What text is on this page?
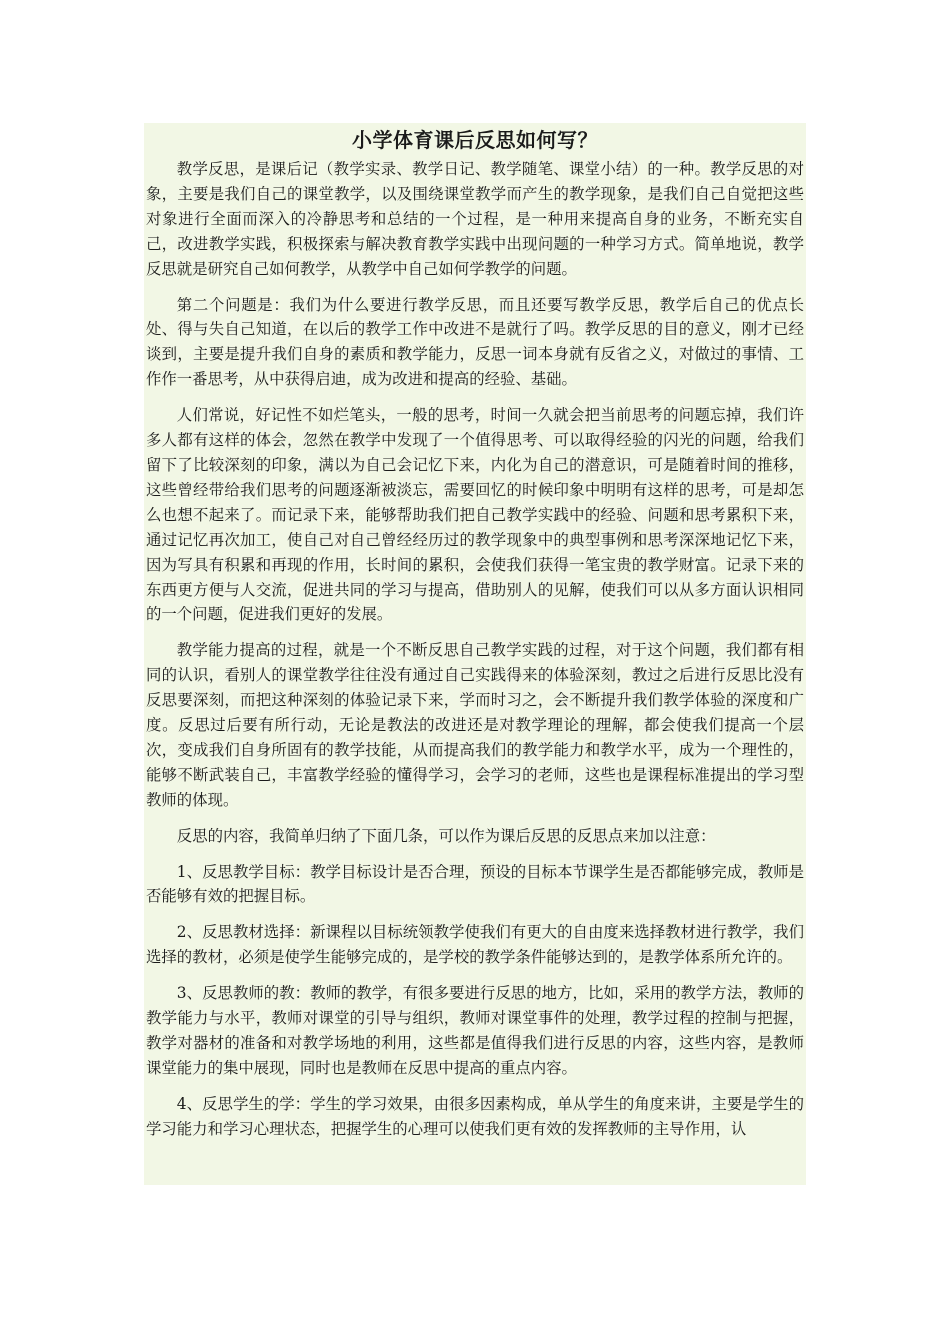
小学体育课后反思如何写？

教学反思，是课后记（教学实录、教学日记、教学随笔、课堂小结）的一种。教学反思的对象，主要是我们自己的课堂教学，以及围绕课堂教学而产生的教学现象，是我们自己自觉把这些对象进行全面而深入的冷静思考和总结的一个过程，是一种用来提高自身的业务，不断充实自己，改进教学实践，积极探索与解决教育教学实践中出现问题的一种学习方式。简单地说，教学反思就是研究自己如何教学，从教学中自己如何学教学的问题。

第二个问题是：我们为什么要进行教学反思，而且还要写教学反思，教学后自己的优点长处、得与失自己知道，在以后的教学工作中改进不是就行了吗。教学反思的目的意义，刚才已经谈到，主要是提升我们自身的素质和教学能力，反思一词本身就有反省之义，对做过的事情、工作作一番思考，从中获得启迪，成为改进和提高的经验、基础。

人们常说，好记性不如烂笔头，一般的思考，时间一久就会把当前思考的问题忘掉，我们许多人都有这样的体会，忽然在教学中发现了一个值得思考、可以取得经验的闪光的问题，给我们留下了比较深刻的印象，满以为自己会记忆下来，内化为自己的潜意识，可是随着时间的推移，这些曾经带给我们思考的问题逐渐被淡忘，需要回忆的时候印象中明明有这样的思考，可是却怎么也想不起来了。而记录下来，能够帮助我们把自己教学实践中的经验、问题和思考累积下来，通过记忆再次加工，使自己对自己曾经经历过的教学现象中的典型事例和思考深深地记忆下来，因为写具有积累和再现的作用，长时间的累积，会使我们获得一笔宝贵的教学财富。记录下来的东西更方便与人交流，促进共同的学习与提高，借助别人的见解，使我们可以从多方面认识相同的一个问题，促进我们更好的发展。

教学能力提高的过程，就是一个不断反思自己教学实践的过程，对于这个问题，我们都有相同的认识，看别人的课堂教学往往没有通过自己实践得来的体验深刻，教过之后进行反思比没有反思要深刻，而把这种深刻的体验记录下来，学而时习之，会不断提升我们教学体验的深度和广度。反思过后要有所行动，无论是教法的改进还是对教学理论的理解，都会使我们提高一个层次，变成我们自身所固有的教学技能，从而提高我们的教学能力和教学水平，成为一个理性的，能够不断武装自己，丰富教学经验的懂得学习，会学习的老师，这些也是课程标准提出的学习型教师的体现。

反思的内容，我简单归纳了下面几条，可以作为课后反思的反思点来加以注意：

1、反思教学目标：教学目标设计是否合理，预设的目标本节课学生是否都能够完成，教师是否能够有效的把握目标。

2、反思教材选择：新课程以目标统领教学使我们有更大的自由度来选择教材进行教学，我们选择的教材，必须是使学生能够完成的，是学校的教学条件能够达到的，是教学体系所允许的。

3、反思教师的教：教师的教学，有很多要进行反思的地方，比如，采用的教学方法，教师的教学能力与水平，教师对课堂的引导与组织，教师对课堂事件的处理，教学过程的控制与把握，教学对器材的准备和对教学场地的利用，这些都是值得我们进行反思的内容，这些内容，是教师课堂能力的集中展现，同时也是教师在反思中提高的重点内容。

4、反思学生的学：学生的学习效果，由很多因素构成，单从学生的角度来讲，主要是学生的学习能力和学习心理状态，把握学生的心理可以使我们更有效的发挥教师的主导作用，认
